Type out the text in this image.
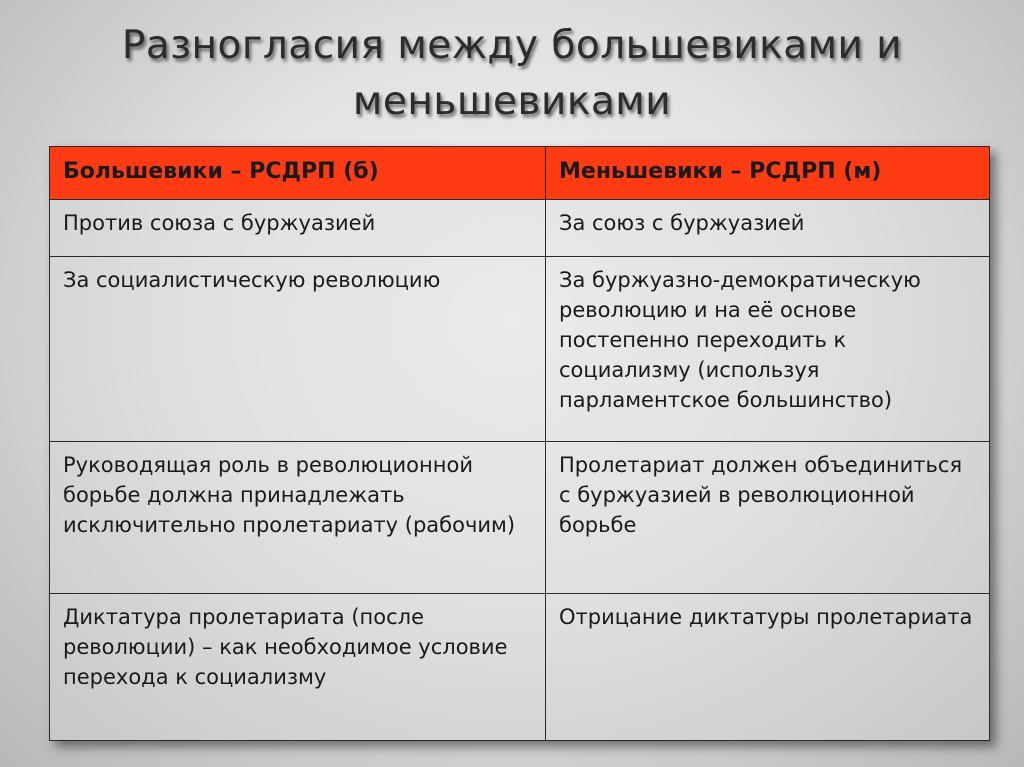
Разногласия между большевиками и
меньшевиками
Большевики – РСДРП (б)	Меньшевики – РСДРП (м)
Против союза с буржуазией	За союз с буржуазией
За социалистическую революцию	За буржуазно-демократическую революцию и на её основе постепенно переходить к социализму (используя парламентское большинство)
Руководящая роль в революционной борьбе должна принадлежать исключительно пролетариату (рабочим)	Пролетариат должен объединиться с буржуазией в революционной борьбе
Диктатура пролетариата (после революции) – как необходимое условие перехода к социализму	Отрицание диктатуры пролетариата
